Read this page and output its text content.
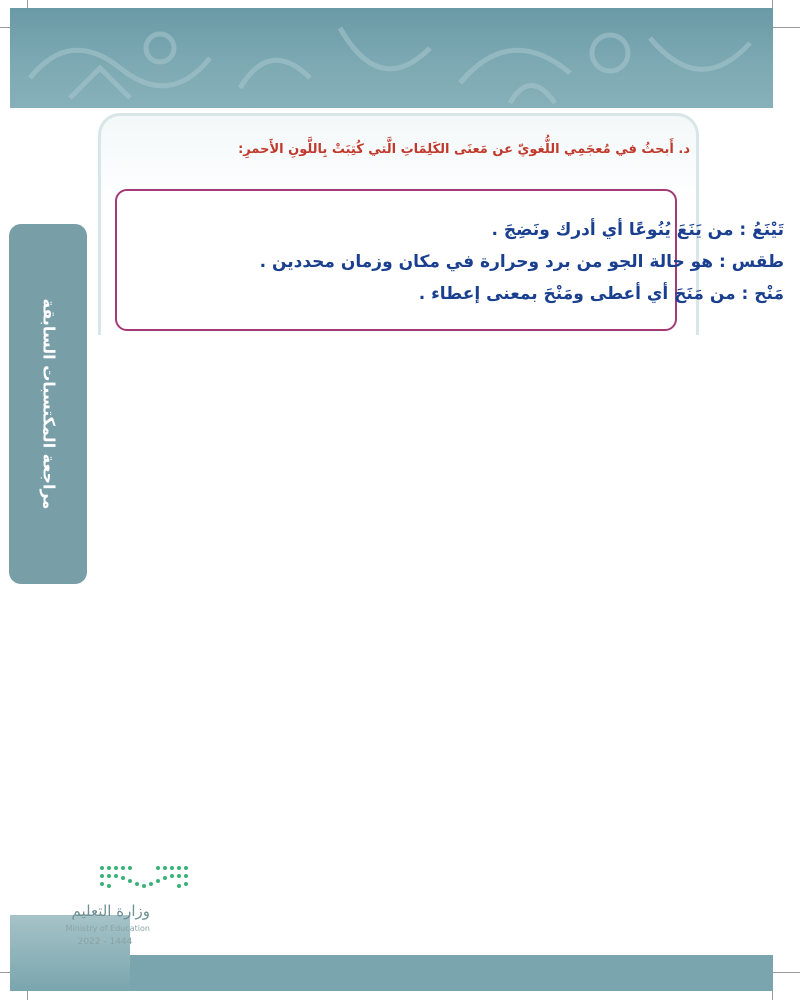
د. أَبحثُ في مُعجَمِي اللُّغويّ عن مَعنَى الكَلِمَاتِ الَّتي كُتِبَتْ بِاللَّونِ الأَحمرِ:
تَيْنَعُ : من يَنَعَ يُنُوعًا أي أدرك ونَضِجَ .
طقس : هو حالة الجو من برد وحرارة في مكان وزمان محددين .
مَنْح : من مَنَحَ أي أعطى ومَنْحَ بمعنى إعطاء .
مراجعة المكتسبات السابقة
وزارة التعليم
Ministry of Education
2022 - 1444
